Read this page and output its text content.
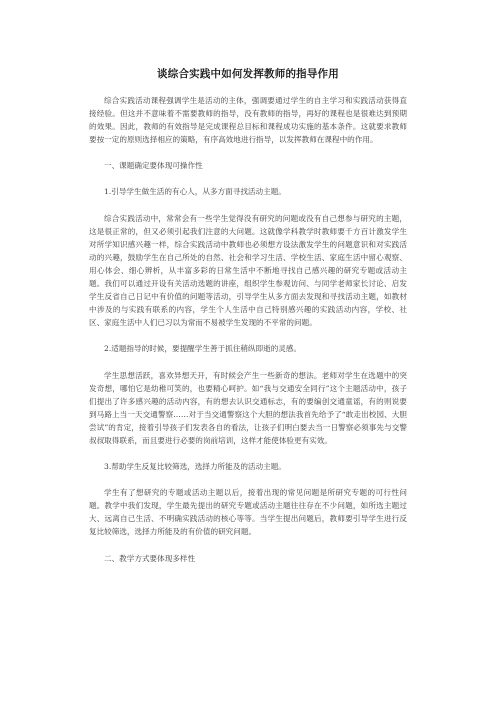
谈综合实践中如何发挥教师的指导作用

综合实践活动课程强调学生是活动的主体，强调要通过学生的自主学习和实践活动获得直接经验。但这并不意味着不需要教师的指导，没有教师的指导，再好的课程也是很难达到预期的效果。因此，教师的有效指导是完成课程总目标和课程成功实施的基本条件。这就要求教师要按一定的原则选择相应的策略，有序高效地进行指导，以发挥教师在课程中的作用。

一、课题确定要体现可操作性

1.引导学生做生活的有心人，从多方面寻找活动主题。

综合实践活动中，常常会有一些学生觉得没有研究的问题或没有自己想参与研究的主题，这是很正常的，但又必须引起我们注意的大问题。这就像学科教学时教师要千方百计激发学生对所学知识感兴趣一样，综合实践活动中教师也必须想方设法激发学生的问题意识和对实践活动的兴趣，鼓励学生在自己所处的自然、社会和学习生活、学校生活、家庭生活中留心观察、用心体会、细心辨析，从丰富多彩的日常生活中不断地寻找自己感兴趣的研究专题或活动主题。我们可以通过开设有关活动选题的讲座，组织学生参观访问、与同学老师家长讨论、启发学生反省自己日记中有价值的问题等活动，引导学生从多方面去发现和寻找活动主题，如教材中涉及的与实践有联系的内容，学生个人生活中自己特别感兴趣的实践活动内容，学校、社区、家庭生活中人们已习以为常而不易被学生发现的不平常的问题。

2.适题指导的时候，要提醒学生善于抓住稍纵即逝的灵感。

学生思想活跃，喜欢异想天开，有时候会产生一些新奇的想法。老师对学生在选题中的突发奇想，哪怕它是幼稚可笑的，也要精心呵护。如“我与交通安全同行”这个主题活动中，孩子们提出了许多感兴趣的活动内容，有的想去认识交通标志，有的要编创交通童谣，有的则说要到马路上当一天交通警察……对于当交通警察这个大胆的想法我首先给予了“敢走出校园、大胆尝试”的肯定，接着引导孩子们发表各自的看法，让孩子们明白要去当一日警察必须事先与交警叔叔取得联系，而且要进行必要的岗前培训，这样才能使体验更有实效。

3.帮助学生反复比较筛选，选择力所能及的活动主题。

学生有了想研究的专题或活动主题以后，接着出现的常见问题是所研究专题的可行性问题。教学中我们发现，学生最先提出的研究专题或活动主题往往存在不少问题，如所选主题过大、远离自己生活、不明确实践活动的核心等等。当学生提出问题后，教师要引导学生进行反复比较筛选，选择力所能及的有价值的研究问题。

二、教学方式要体现多样性
